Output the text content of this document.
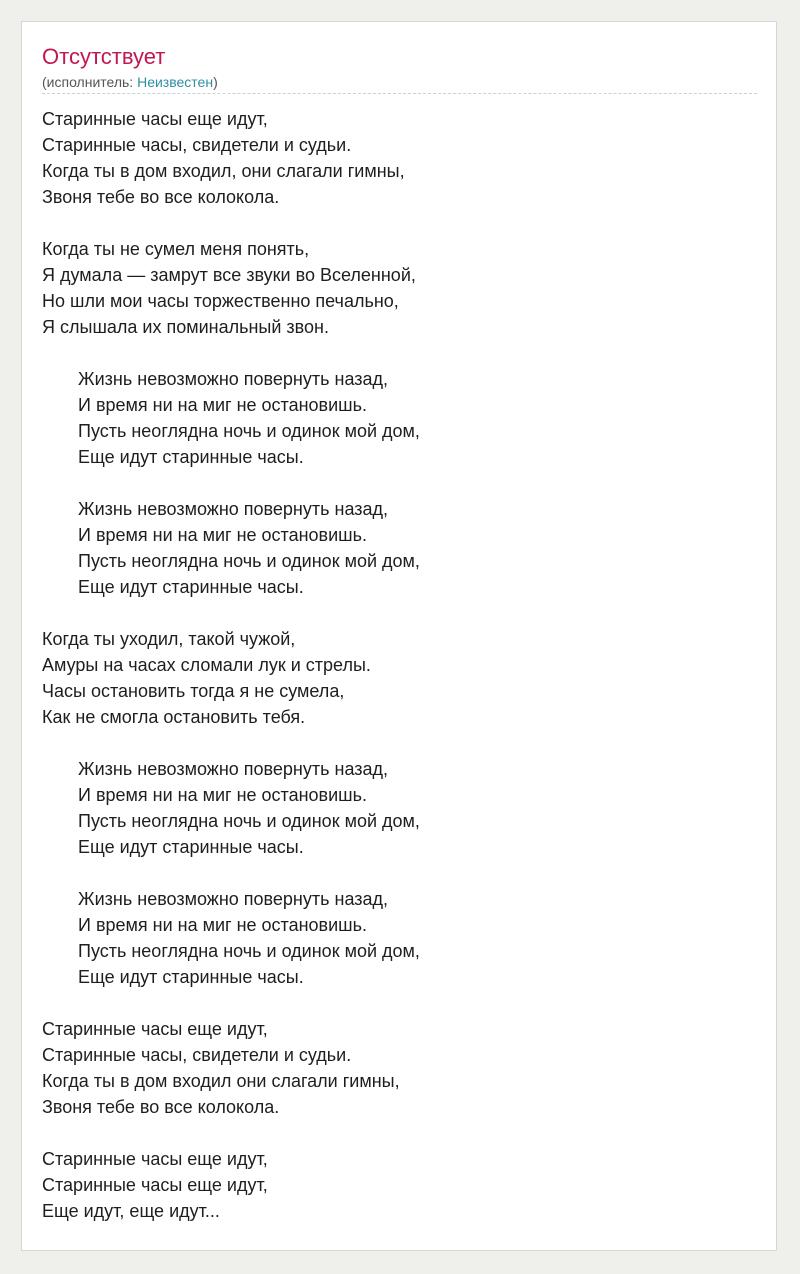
Отсутствует
(исполнитель: Неизвестен)
Старинные часы еще идут,
Старинные часы, свидетели и судьи.
Когда ты в дом входил, они слагали гимны,
Звоня тебе во все колокола.
Когда ты не сумел меня понять,
Я думала — замрут все звуки во Вселенной,
Но шли мои часы торжественно печально,
Я слышала их поминальный звон.
Жизнь невозможно повернуть назад,
И время ни на миг не остановишь.
Пусть неоглядна ночь и одинок мой дом,
Еще идут старинные часы.
Жизнь невозможно повернуть назад,
И время ни на миг не остановишь.
Пусть неоглядна ночь и одинок мой дом,
Еще идут старинные часы.
Когда ты уходил, такой чужой,
Амуры на часах сломали лук и стрелы.
Часы остановить тогда я не сумела,
Как не смогла остановить тебя.
Жизнь невозможно повернуть назад,
И время ни на миг не остановишь.
Пусть неоглядна ночь и одинок мой дом,
Еще идут старинные часы.
Жизнь невозможно повернуть назад,
И время ни на миг не остановишь.
Пусть неоглядна ночь и одинок мой дом,
Еще идут старинные часы.
Старинные часы еще идут,
Старинные часы, свидетели и судьи.
Когда ты в дом входил они слагали гимны,
Звоня тебе во все колокола.
Старинные часы еще идут,
Старинные часы еще идут,
Еще идут, еще идут...
